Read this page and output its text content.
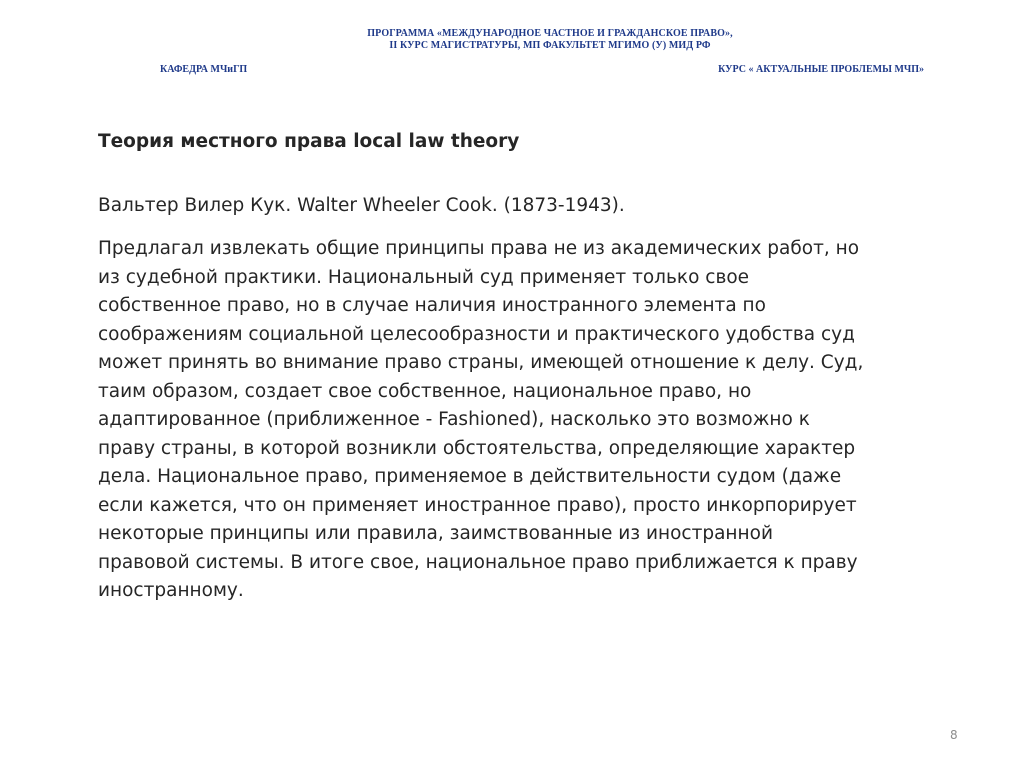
ПРОГРАММА «МЕЖДУНАРОДНОЕ ЧАСТНОЕ И ГРАЖДАНСКОЕ ПРАВО»,
II КУРС МАГИСТРАТУРЫ, МП ФАКУЛЬТЕТ МГИМО (У) МИД РФ
КАФЕДРА МЧиГП	КУРС « АКТУАЛЬНЫЕ ПРОБЛЕМЫ МЧП»
Теория местного права local law theory
Вальтер Вилер Кук. Walter Wheeler Cook. (1873-1943).
Предлагал извлекать общие принципы права не из академических работ, но
из судебной практики. Национальный суд применяет только свое
собственное право, но в случае наличия иностранного элемента по
соображениям социальной целесообразности и практического удобства суд
может принять во внимание право страны, имеющей отношение к делу. Суд,
таим образом, создает свое собственное, национальное право, но
адаптированное (приближенное - Fashioned), насколько это возможно к
праву страны, в которой возникли обстоятельства, определяющие характер
дела. Национальное право, применяемое в действительности судом (даже
если кажется, что он применяет иностранное право), просто инкорпорирует
некоторые принципы или правила, заимствованные из иностранной
правовой системы. В итоге свое, национальное право приближается к праву
иностранному.
8
